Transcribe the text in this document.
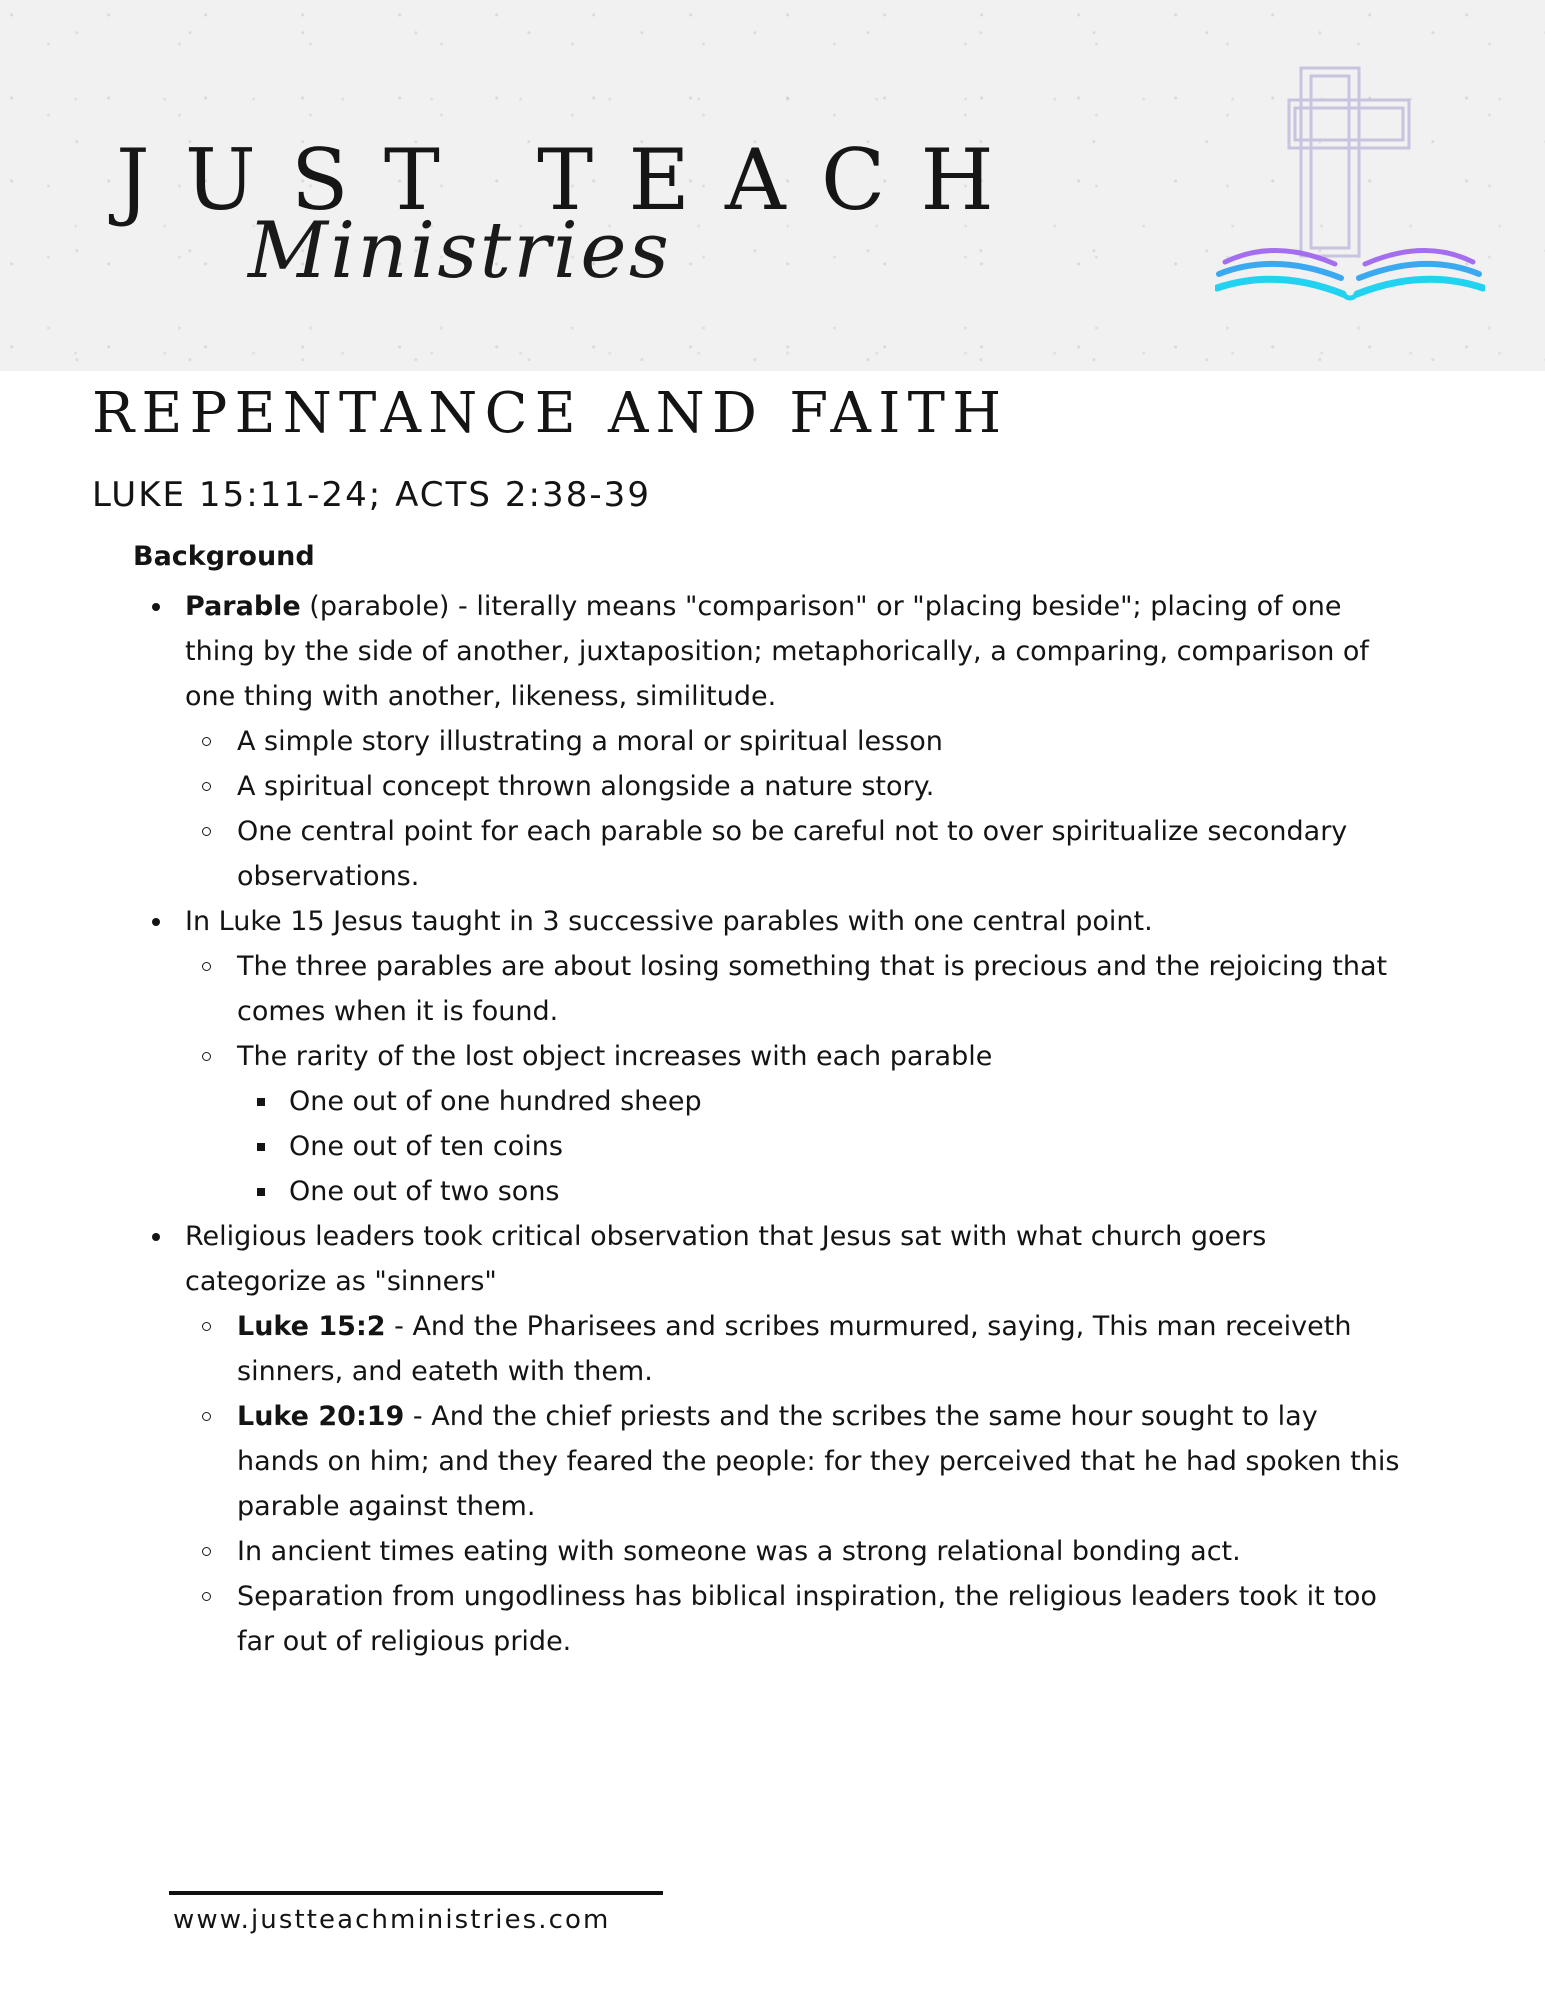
JUST TEACH
Ministries
REPENTANCE AND FAITH
LUKE 15:11-24; ACTS 2:38-39
Background
Parable (parabole) - literally means "comparison" or "placing beside"; placing of one thing by the side of another, juxtaposition; metaphorically, a comparing, comparison of one thing with another, likeness, similitude.
A simple story illustrating a moral or spiritual lesson
A spiritual concept thrown alongside a nature story.
One central point for each parable so be careful not to over spiritualize secondary observations.
In Luke 15 Jesus taught in 3 successive parables with one central point.
The three parables are about losing something that is precious and the rejoicing that comes when it is found.
The rarity of the lost object increases with each parable
One out of one hundred sheep
One out of ten coins
One out of two sons
Religious leaders took critical observation that Jesus sat with what church goers categorize as "sinners"
Luke 15:2 - And the Pharisees and scribes murmured, saying, This man receiveth sinners, and eateth with them.
Luke 20:19 - And the chief priests and the scribes the same hour sought to lay hands on him; and they feared the people: for they perceived that he had spoken this parable against them.
In ancient times eating with someone was a strong relational bonding act.
Separation from ungodliness has biblical inspiration, the religious leaders took it too far out of religious pride.
www.justteachministries.com
